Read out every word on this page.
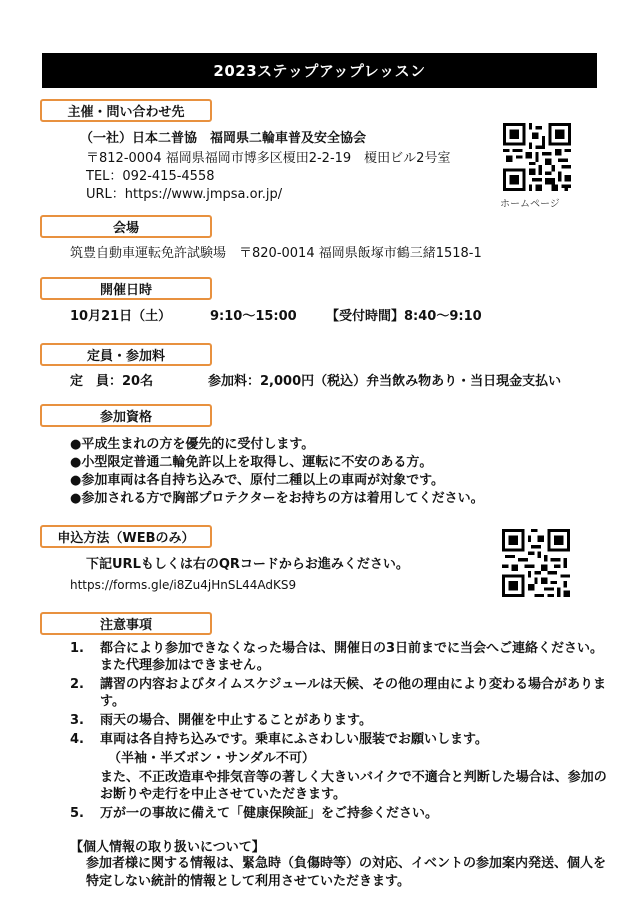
2023ステップアップレッスン
主催・問い合わせ先
（一社）日本二普協　福岡県二輪車普及安全協会
〒812-0004 福岡県福岡市博多区榎田2-2-19　榎田ビル2号室
TEL：092-415-4558
URL：https://www.jmpsa.or.jp/
ホームページ
会場
筑豊自動車運転免許試験場　〒820-0014 福岡県飯塚市鶴三緒1518-1
開催日時
10月21日（土）	9:10～15:00 【受付時間】8:40～9:10
定員・参加料
定　員：20名	参加料：2,000円（税込）弁当飲み物あり・当日現金支払い
参加資格
●平成生まれの方を優先的に受付します。
●小型限定普通二輪免許以上を取得し、運転に不安のある方。
●参加車両は各自持ち込みで、原付二種以上の車両が対象です。
●参加される方で胸部プロテクターをお持ちの方は着用してください。
申込方法（WEBのみ）
下記URLもしくは右のQRコードからお進みください。
https://forms.gle/i8Zu4jHnSL44AdKS9
注意事項
1.	都合により参加できなくなった場合は、開催日の3日前までに当会へご連絡ください。また代理参加はできません。
2.	講習の内容およびタイムスケジュールは天候、その他の理由により変わる場合があります。
3.	雨天の場合、開催を中止することがあります。
4.	車両は各自持ち込みです。乗車にふさわしい服装でお願いします。
（半袖・半ズボン・サンダル不可）
また、不正改造車や排気音等の著しく大きいバイクで不適合と判断した場合は、参加のお断りや走行を中止させていただきます。
5.	万が一の事故に備えて「健康保険証」をご持参ください。
【個人情報の取り扱いについて】
参加者様に関する情報は、緊急時（負傷時等）の対応、イベントの参加案内発送、個人を特定しない統計的情報として利用させていただきます。
